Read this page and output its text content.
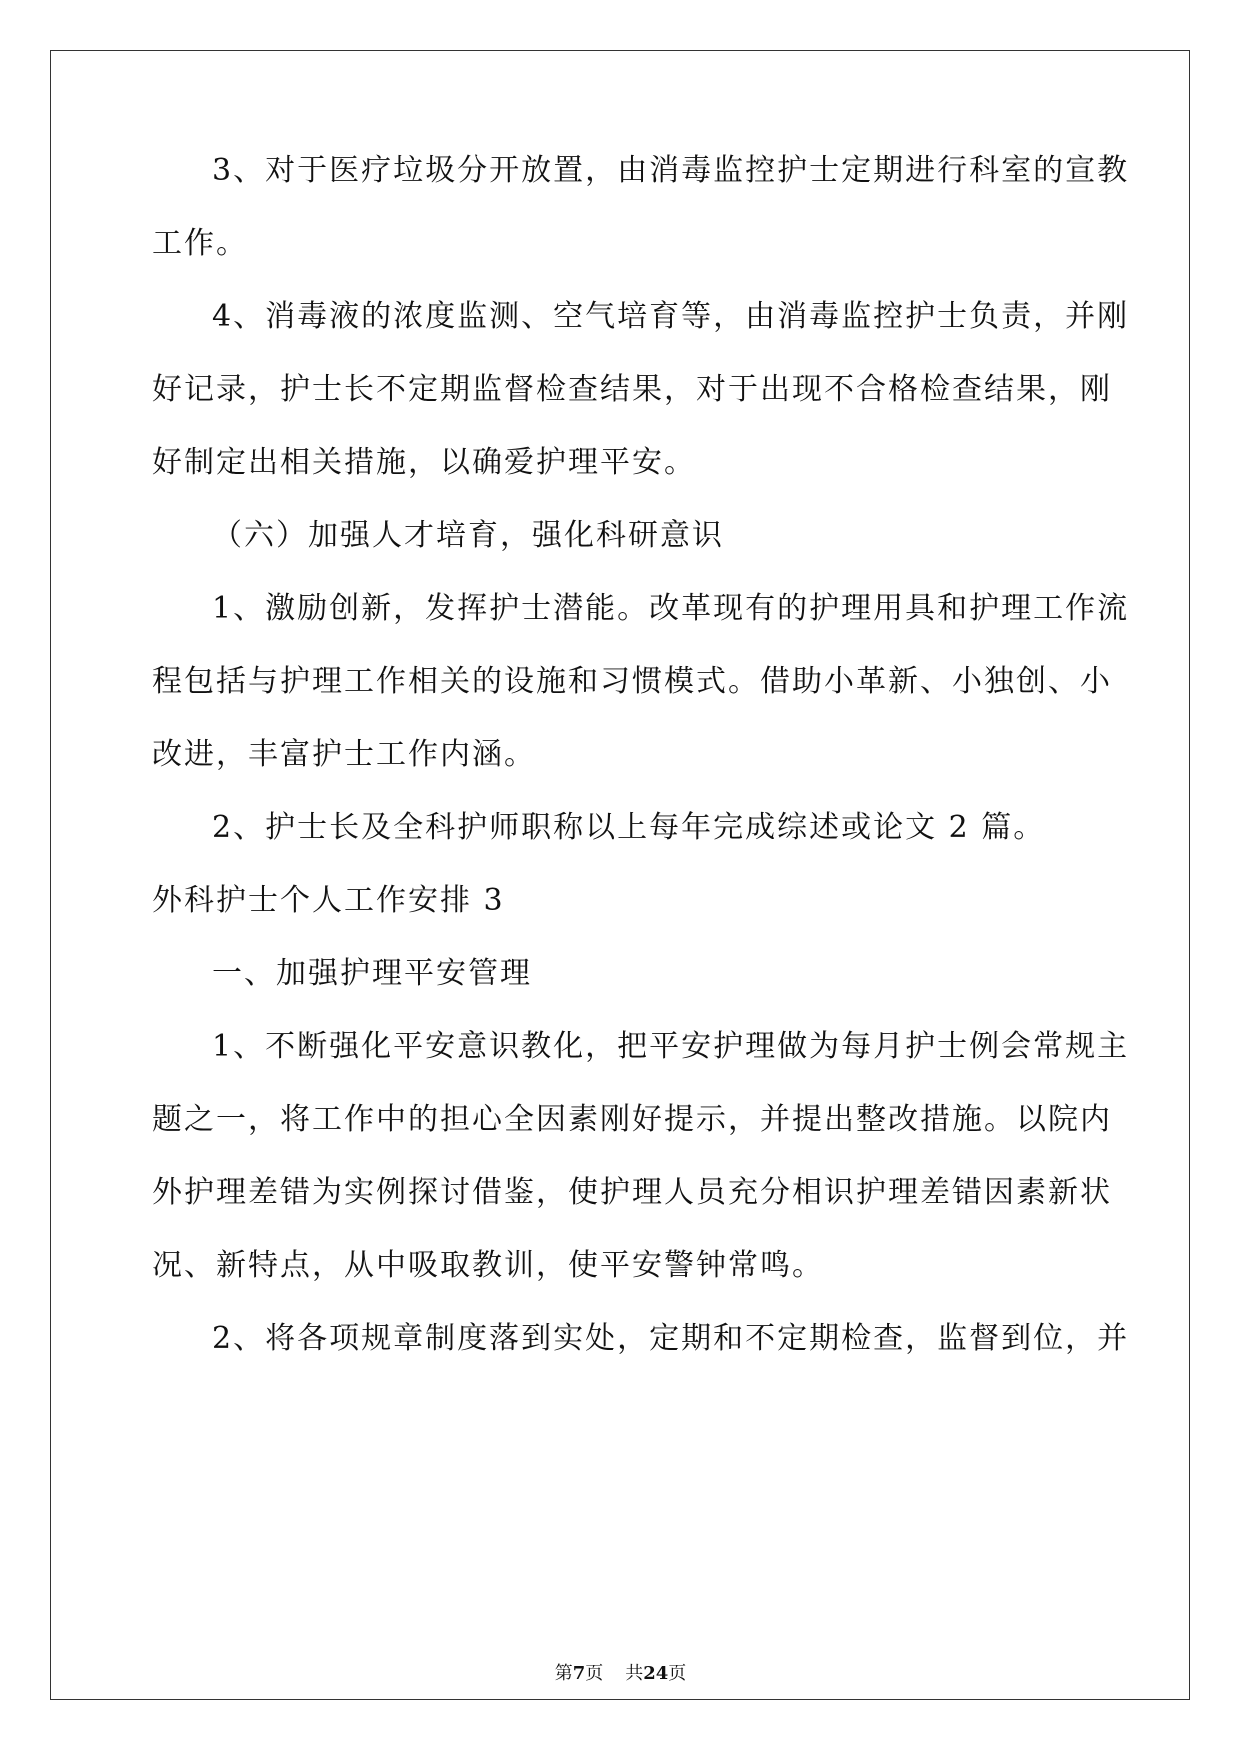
3、对于医疗垃圾分开放置，由消毒监控护士定期进行科室的宣教
工作。
4、消毒液的浓度监测、空气培育等，由消毒监控护士负责，并刚
好记录，护士长不定期监督检查结果，对于出现不合格检查结果，刚
好制定出相关措施，以确爱护理平安。
（六）加强人才培育，强化科研意识
1、激励创新，发挥护士潜能。改革现有的护理用具和护理工作流
程包括与护理工作相关的设施和习惯模式。借助小革新、小独创、小
改进，丰富护士工作内涵。
2、护士长及全科护师职称以上每年完成综述或论文 2 篇。
外科护士个人工作安排 3
一、加强护理平安管理
1、不断强化平安意识教化，把平安护理做为每月护士例会常规主
题之一，将工作中的担心全因素刚好提示，并提出整改措施。以院内
外护理差错为实例探讨借鉴，使护理人员充分相识护理差错因素新状
况、新特点，从中吸取教训，使平安警钟常鸣。
2、将各项规章制度落到实处，定期和不定期检查，监督到位，并
第7页 共24页
